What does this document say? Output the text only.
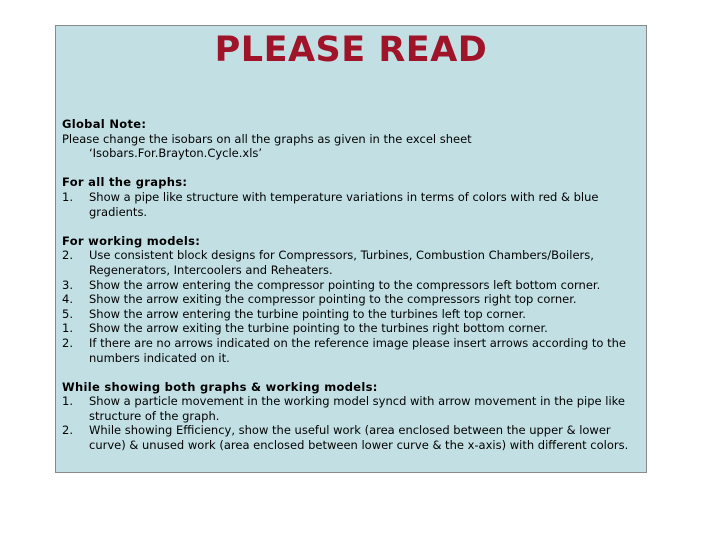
PLEASE READ
Global Note:
Please change the isobars on all the graphs as given in the excel sheet
‘Isobars.For.Brayton.Cycle.xls’
For all the graphs:
1.	Show a pipe like structure with temperature variations in terms of colors with red & blue gradients.
For working models:
2.	Use consistent block designs for Compressors, Turbines, Combustion Chambers/Boilers, Regenerators, Intercoolers and Reheaters.
3.	Show the arrow entering the compressor pointing to the compressors left bottom corner.
4.	Show the arrow exiting the compressor pointing to the compressors right top corner.
5.	Show the arrow entering the turbine pointing to the turbines left top corner.
1.	Show the arrow exiting the turbine pointing to the turbines right bottom corner.
2.	If there are no arrows indicated on the reference image please insert arrows according to the numbers indicated on it.
While showing both graphs & working models:
1.	Show a particle movement in the working model syncd with arrow movement in the pipe like structure of the graph.
2.	While showing Efficiency, show the useful work (area enclosed between the upper & lower curve) & unused work (area enclosed between lower curve & the x-axis) with different colors.
